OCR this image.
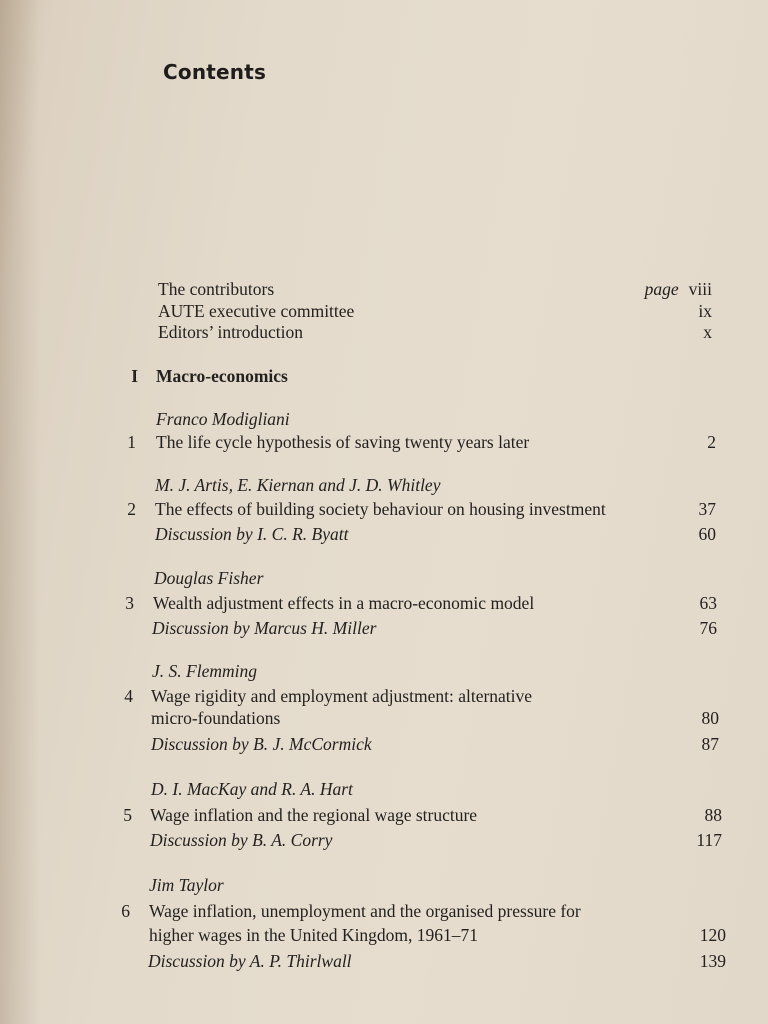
Contents
The contributors	page viii
AUTE executive committee	ix
Editors’ introduction	x
I Macro-economics
Franco Modigliani
1 The life cycle hypothesis of saving twenty years later	2
M. J. Artis, E. Kiernan and J. D. Whitley
2 The effects of building society behaviour on housing investment	37
Discussion by I. C. R. Byatt	60
Douglas Fisher
3 Wealth adjustment effects in a macro-economic model	63
Discussion by Marcus H. Miller	76
J. S. Flemming
4 Wage rigidity and employment adjustment: alternative
micro-foundations	80
Discussion by B. J. McCormick	87
D. I. MacKay and R. A. Hart
5 Wage inflation and the regional wage structure	88
Discussion by B. A. Corry	117
Jim Taylor
6 Wage inflation, unemployment and the organised pressure for
higher wages in the United Kingdom, 1961–71	120
Discussion by A. P. Thirlwall	139
